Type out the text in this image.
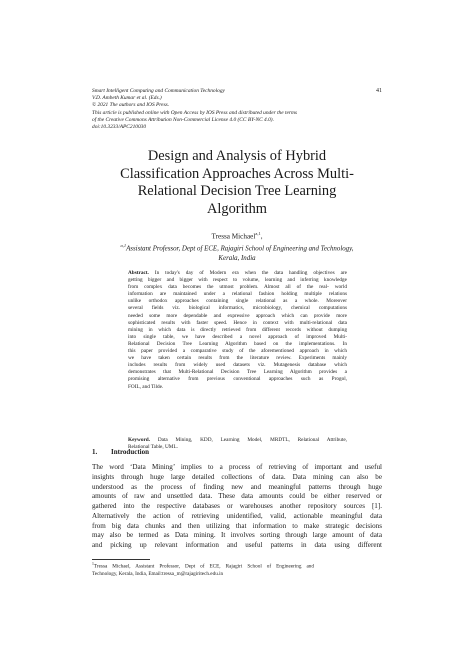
41
Smart Intelligent Computing and Communication Technology
V.D. Ambeth Kumar et al. (Eds.)
© 2021 The authors and IOS Press.
This article is published online with Open Access by IOS Press and distributed under the terms
of the Creative Commons Attribution Non-Commercial License 4.0 (CC BY-NC 4.0).
doi:10.3233/APC210030
Design and Analysis of Hybrid
Classification Approaches Across Multi-
Relational Decision Tree Learning
Algorithm
Tressa Michael$^{a,1}$,
$^{a,1}$Assistant Professor, Dept of ECE, Rajagiri School of Engineering and Technology,
Kerala, India
Abstract. In today's day of Modern era when the data handling objectives are
getting bigger and bigger with respect to volume, learning and inferring knowledge
from complex data becomes the utmost problem. Almost all of the real- world
information are maintained under a relational fashion holding multiple relations
unlike orthodox approaches containing single relational as a whole. Moreover
several fields viz. biological informatics, microbiology, chemical computations
needed some more dependable and expressive approach which can provide more
sophisticated results with faster speed. Hence in context with multi-relational data
mining in which data is directly retrieved from different records without dumping
into single table, we have described a novel approach of improved Multi-
Relational Decision Tree Learning Algorithm based on the implementations. In
this paper provided a comparative study of the aforementioned approach in which
we have taken certain results from the literature review. Experiments mainly
includes results from widely used datasets viz. Mutagenesis database which
demonstrates that Multi-Relational Decision Tree Learning Algorithm provides a
promising alternative from previous conventional approaches such as Progol,
FOIL, and Tilde.
Keyword. Data Mining, KDD, Learning Model, MRDTL, Relational Attribute,
Relational Table, UML.
1. Introduction
The word ‘Data Mining’ implies to a process of retrieving of important and useful
insights through huge large detailed collections of data. Data mining can also be
understood as the process of finding new and meaningful patterns through huge
amounts of raw and unsettled data. These data amounts could be either reserved or
gathered into the respective databases or warehouses another repository sources [1].
Alternatively the action of retrieving unidentified, valid, actionable meaningful data
from big data chunks and then utilizing that information to make strategic decisions
may also be termed as Data mining. It involves sorting through large amount of data
and picking up relevant information and useful patterns in data using different
$^1$Tressa Michael, Assistant Professor, Dept of ECE, Rajagiri School of Engineering and
Technology, Kerala, India, Email:tressa_m@rajagiritech.edu.in
